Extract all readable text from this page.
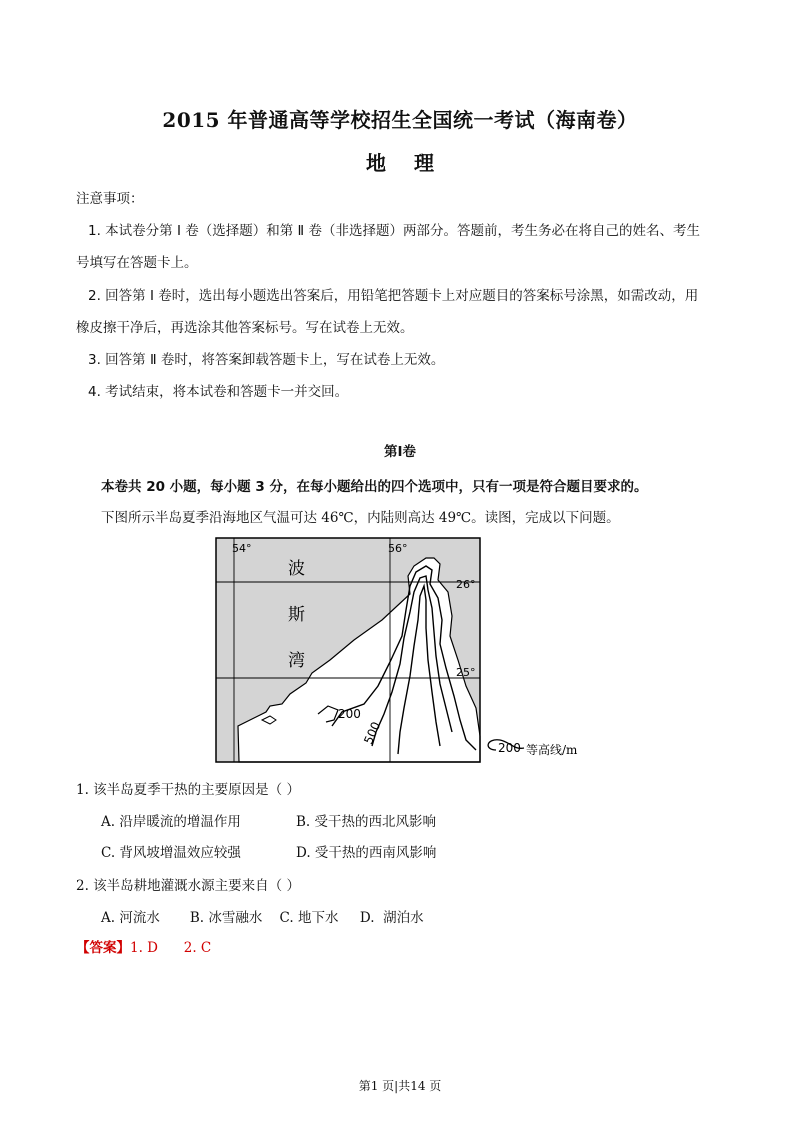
2015 年普通高等学校招生全国统一考试（海南卷）
地 理
注意事项：
1. 本试卷分第 Ⅰ 卷（选择题）和第 Ⅱ 卷（非选择题）两部分。答题前，考生务必在将自己的姓名、考生
号填写在答题卡上。
2. 回答第 Ⅰ 卷时，选出每小题选出答案后，用铅笔把答题卡上对应题目的答案标号涂黑，如需改动，用
橡皮擦干净后，再选涂其他答案标号。写在试卷上无效。
3. 回答第 Ⅱ 卷时，将答案卸载答题卡上，写在试卷上无效。
4. 考试结束，将本试卷和答题卡一并交回。
第Ⅰ卷
本卷共 20 小题，每小题 3 分，在每小题给出的四个选项中，只有一项是符合题目要求的。
下图所示半岛夏季沿海地区气温可达 46℃，内陆则高达 49℃。读图，完成以下问题。
54°	56°
26°
25°
波
斯
湾
200
500
200 等高线/m
1. 该半岛夏季干热的主要原因是（ ）
A. 沿岸暖流的增温作用	B. 受干热的西北风影响
C. 背风坡增温效应较强	D. 受干热的西南风影响
2. 该半岛耕地灌溉水源主要来自（ ）
A. 河流水       B. 冰雪融水    C. 地下水     D.  湖泊水
【答案】1. D      2. C
第1 页|共14 页
